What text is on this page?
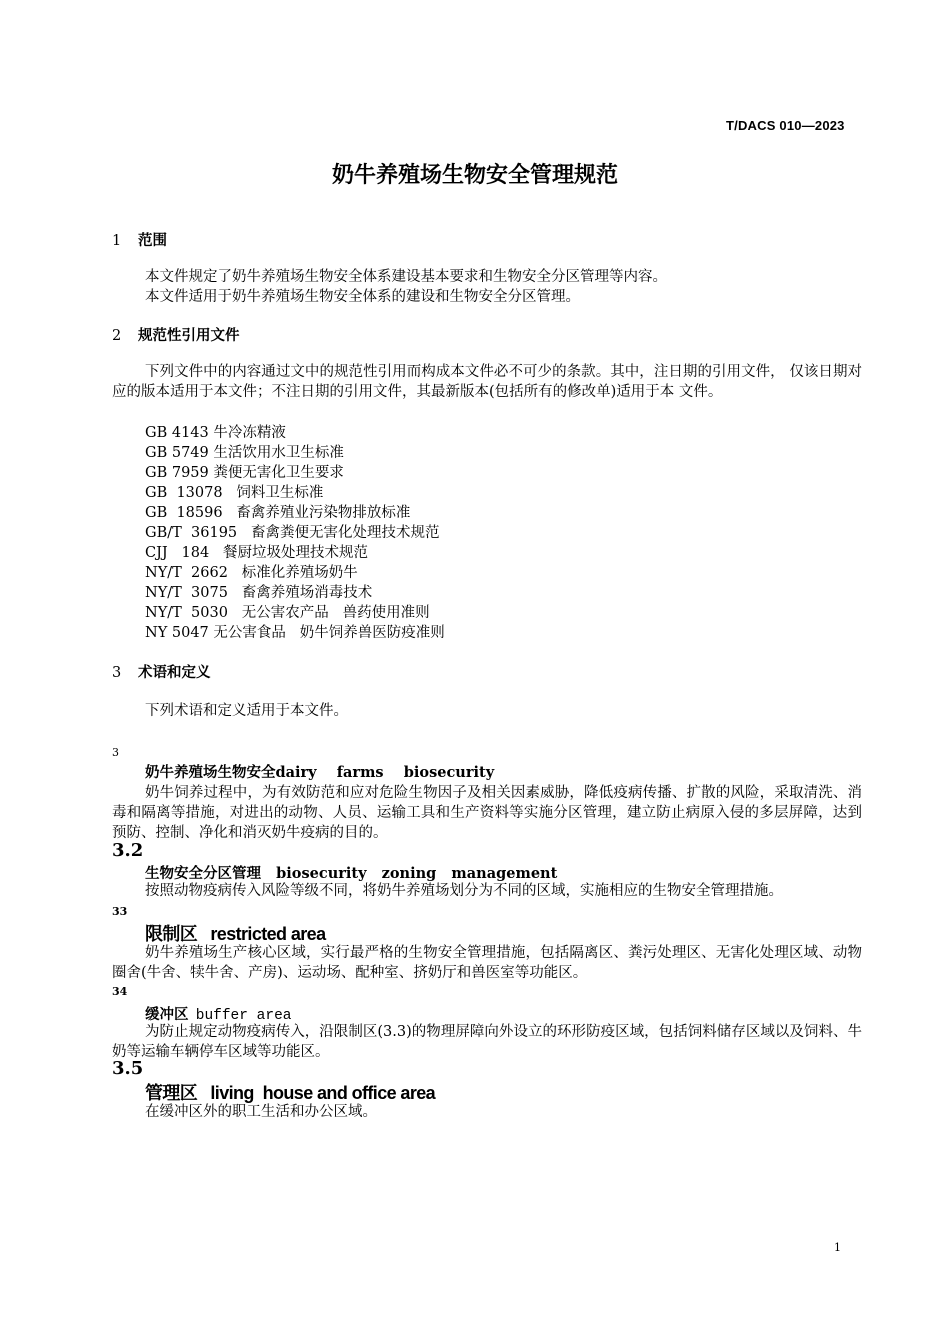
T/DACS 010—2023
奶牛养殖场生物安全管理规范
1 范围
本文件规定了奶牛养殖场生物安全体系建设基本要求和生物安全分区管理等内容。
本文件适用于奶牛养殖场生物安全体系的建设和生物安全分区管理。
2 规范性引用文件
下列文件中的内容通过文中的规范性引用而构成本文件必不可少的条款。其中，注日期的引用文件， 仅该日期对应的版本适用于本文件；不注日期的引用文件，其最新版本(包括所有的修改单)适用于本 文件。
GB 4143 牛冷冻精液
GB 5749 生活饮用水卫生标准
GB 7959 粪便无害化卫生要求
GB  13078   饲料卫生标准
GB  18596   畜禽养殖业污染物排放标准
GB/T  36195   畜禽粪便无害化处理技术规范
CJJ   184   餐厨垃圾处理技术规范
NY/T  2662   标准化养殖场奶牛
NY/T  3075   畜禽养殖场消毒技术
NY/T  5030   无公害农产品   兽药使用准则
NY 5047 无公害食品   奶牛饲养兽医防疫准则
3 术语和定义
下列术语和定义适用于本文件。
3
奶牛养殖场生物安全dairy    farms    biosecurity
奶牛饲养过程中，为有效防范和应对危险生物因子及相关因素威胁，降低疫病传播、扩散的风险，采取清洗、消毒和隔离等措施，对进出的动物、人员、运输工具和生产资料等实施分区管理，建立防止病原入侵的多层屏障，达到预防、控制、净化和消灭奶牛疫病的目的。
3.2
生物安全分区管理 biosecurity   zoning   management
按照动物疫病传入风险等级不同，将奶牛养殖场划分为不同的区域，实施相应的生物安全管理措施。
33
限制区 restricted area
奶牛养殖场生产核心区域，实行最严格的生物安全管理措施，包括隔离区、粪污处理区、无害化处理区域、动物圈舍(牛舍、犊牛舍、产房)、运动场、配种室、挤奶厅和兽医室等功能区。
34
缓冲区 buffer area
为防止规定动物疫病传入，沿限制区(3.3)的物理屏障向外设立的环形防疫区域，包括饲料储存区域以及饲料、牛奶等运输车辆停车区域等功能区。
3.5
管理区 living  house and office area
在缓冲区外的职工生活和办公区域。
1
